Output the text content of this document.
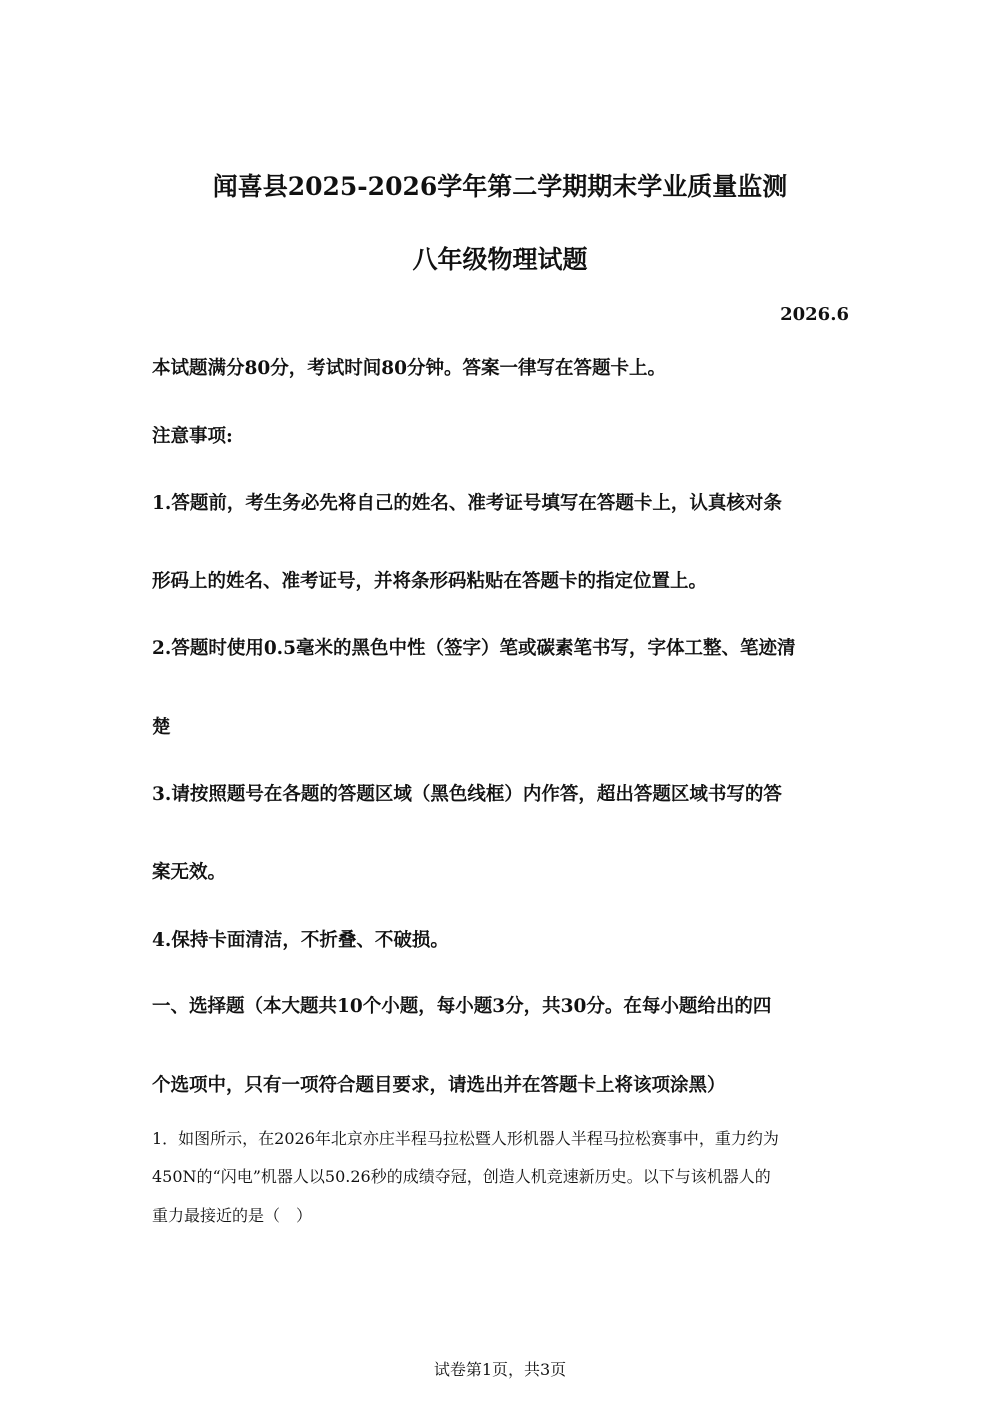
闻喜县2025-2026学年第二学期期末学业质量监测
八年级物理试题
2026.6
本试题满分80分，考试时间80分钟。答案一律写在答题卡上。
注意事项:
1.答题前，考生务必先将自己的姓名、准考证号填写在答题卡上，认真核对条
形码上的姓名、准考证号，并将条形码粘贴在答题卡的指定位置上。
2.答题时使用0.5毫米的黑色中性（签字）笔或碳素笔书写，字体工整、笔迹清
楚
3.请按照题号在各题的答题区域（黑色线框）内作答，超出答题区域书写的答
案无效。
4.保持卡面清洁，不折叠、不破损。
一、选择题（本大题共10个小题，每小题3分，共30分。在每小题给出的四
个选项中，只有一项符合题目要求，请选出并在答题卡上将该项涂黑）
1．如图所示，在2026年北京亦庄半程马拉松暨人形机器人半程马拉松赛事中，重力约为
450N的“闪电”机器人以50.26秒的成绩夺冠，创造人机竞速新历史。以下与该机器人的
重力最接近的是（　）
试卷第1页，共3页
